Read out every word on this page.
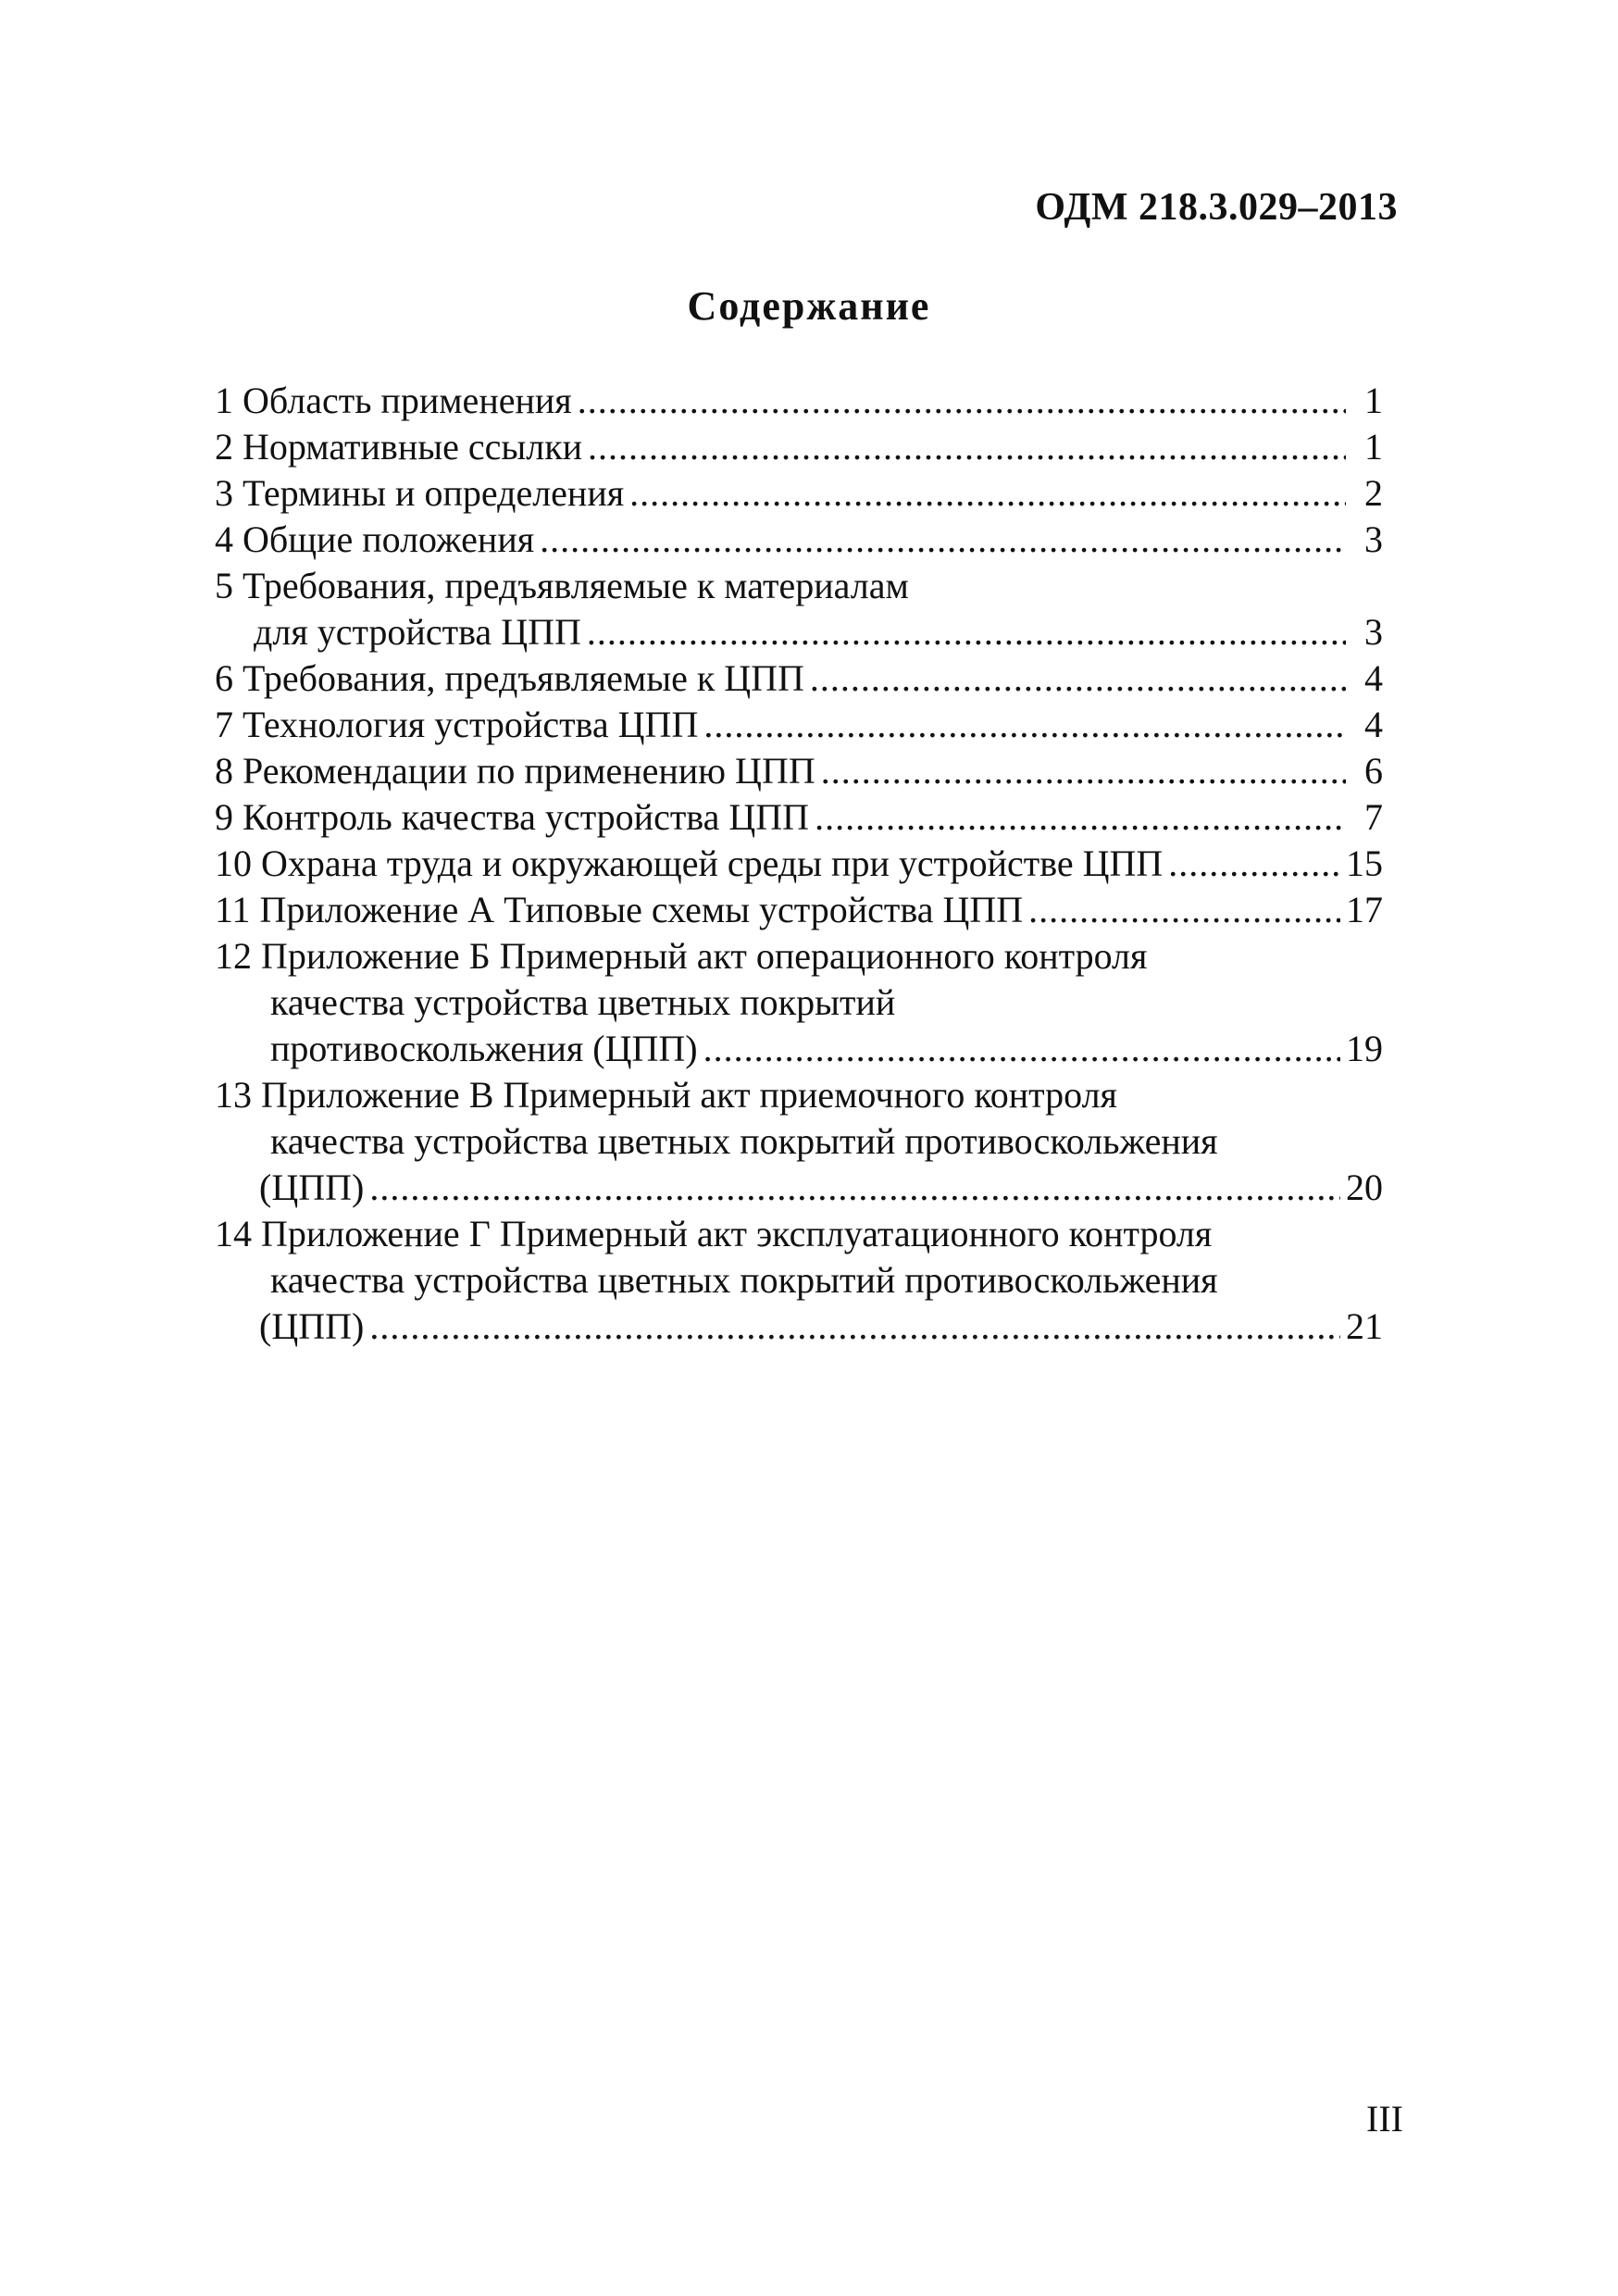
ОДМ 218.3.029–2013
Содержание
1 Область применения .....	1
2 Нормативные ссылки .....	1
3 Термины и определения .....	2
4 Общие положения .....	3
5 Требования, предъявляемые к материалам
для устройства ЦПП .....	3
6 Требования, предъявляемые к ЦПП .....	4
7 Технология устройства ЦПП .....	4
8 Рекомендации по применению ЦПП .....	6
9 Контроль качества устройства ЦПП .....	7
10 Охрана труда и окружающей среды при устройстве ЦПП .....	15
11 Приложение А Типовые схемы устройства ЦПП .....	17
12 Приложение Б Примерный акт операционного контроля
качества устройства цветных покрытий
противоскольжения (ЦПП) .....	19
13 Приложение В Примерный акт приемочного контроля
качества устройства цветных покрытий противоскольжения
(ЦПП) .....	20
14 Приложение Г Примерный акт эксплуатационного контроля
качества устройства цветных покрытий противоскольжения
(ЦПП) .....	21
III
